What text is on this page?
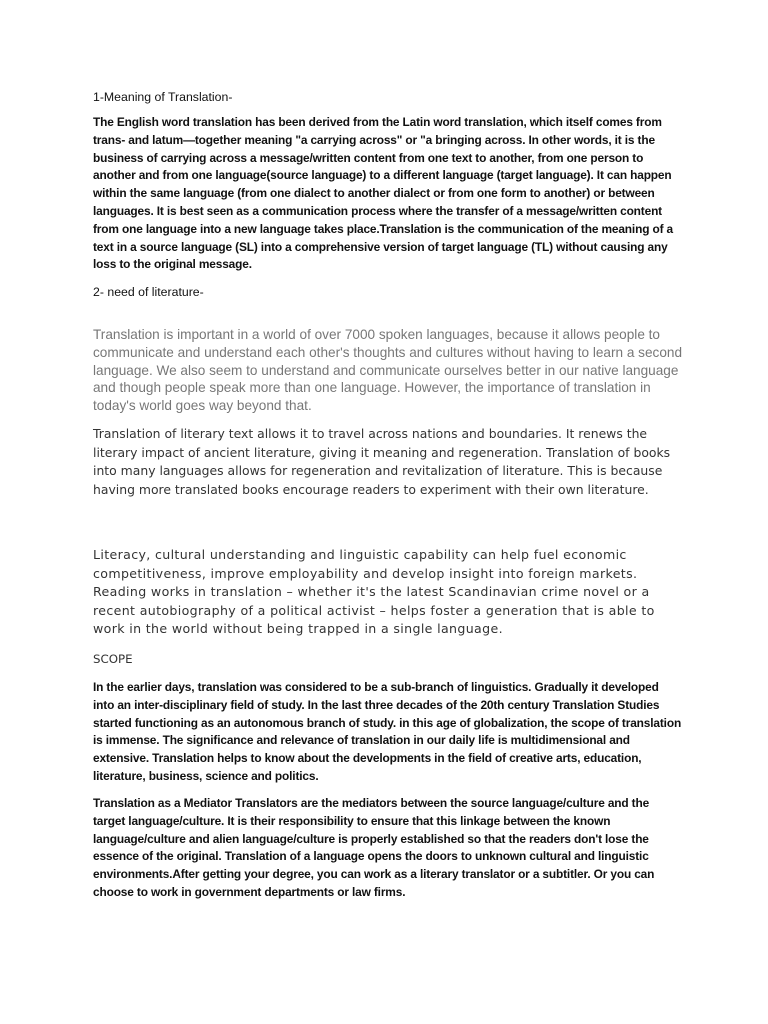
1-Meaning of Translation-

The English word translation has been derived from the Latin word translation, which itself comes from trans- and latum—together meaning "a carrying across" or "a bringing across. In other words, it is the business of carrying across a message/written content from one text to another, from one person to another and from one language(source language) to a different language (target language). It can happen within the same language (from one dialect to another dialect or from one form to another) or between languages. It is best seen as a communication process where the transfer of a message/written content from one language into a new language takes place.Translation is the communication of the meaning of a text in a source language (SL) into a comprehensive version of target language (TL) without causing any loss to the original message.

2- need of literature-

Translation is important in a world of over 7000 spoken languages, because it allows people to communicate and understand each other's thoughts and cultures without having to learn a second language. We also seem to understand and communicate ourselves better in our native language and though people speak more than one language. However, the importance of translation in today's world goes way beyond that.

Translation of literary text allows it to travel across nations and boundaries. It renews the literary impact of ancient literature, giving it meaning and regeneration. Translation of books into many languages allows for regeneration and revitalization of literature. This is because having more translated books encourage readers to experiment with their own literature.

Literacy, cultural understanding and linguistic capability can help fuel economic competitiveness, improve employability and develop insight into foreign markets. Reading works in translation – whether it's the latest Scandinavian crime novel or a recent autobiography of a political activist – helps foster a generation that is able to work in the world without being trapped in a single language.

SCOPE

In the earlier days, translation was considered to be a sub-branch of linguistics. Gradually it developed into an inter-disciplinary field of study. In the last three decades of the 20th century Translation Studies started functioning as an autonomous branch of study. in this age of globalization, the scope of translation is immense. The significance and relevance of translation in our daily life is multidimensional and extensive. Translation helps to know about the developments in the field of creative arts, education, literature, business, science and politics.

Translation as a Mediator Translators are the mediators between the source language/culture and the target language/culture. It is their responsibility to ensure that this linkage between the known language/culture and alien language/culture is properly established so that the readers don't lose the essence of the original. Translation of a language opens the doors to unknown cultural and linguistic environments.After getting your degree, you can work as a literary translator or a subtitler. Or you can choose to work in government departments or law firms.
